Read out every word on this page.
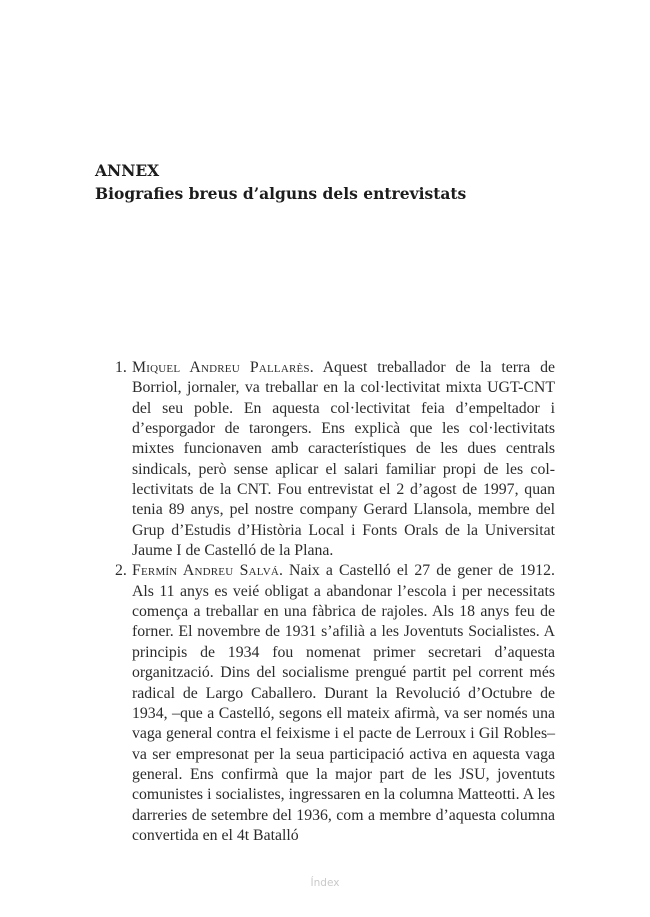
ANNEX
Biografies breus d’alguns dels entrevistats
1. Miquel Andreu Pallarès. Aquest treballador de la terra de Borriol, jornaler, va treballar en la col·lectivitat mixta UGT-CNT del seu poble. En aquesta col·lectivitat feia d’empeltador i d’esporgador de tarongers. Ens explicà que les col·lectivitats mixtes funcionaven amb característiques de les dues centrals sindicals, però sense aplicar el salari familiar propi de les collectivitats de la CNT. Fou entrevistat el 2 d’agost de 1997, quan tenia 89 anys, pel nostre company Gerard Llansola, membre del Grup d’Estudis d’Història Local i Fonts Orals de la Universitat Jaume I de Castelló de la Plana.
2. Fermín Andreu Salvá. Naix a Castelló el 27 de gener de 1912. Als 11 anys es veié obligat a abandonar l’escola i per necessitats comença a treballar en una fàbrica de rajoles. Als 18 anys feu de forner. El novembre de 1931 s’afilià a les Joventuts Socialistes. A principis de 1934 fou nomenat primer secretari d’aquesta organització. Dins del socialisme prengué partit pel corrent més radical de Largo Caballero. Durant la Revolució d’Octubre de 1934, –que a Castelló, segons ell mateix afirmà, va ser només una vaga general contra el feixisme i el pacte de Lerroux i Gil Robles– va ser empresonat per la seua participació activa en aquesta vaga general. Ens confirmà que la major part de les JSU, joventuts comunistes i socialistes, ingressaren en la columna Matteotti. A les darreries de setembre del 1936, com a membre d’aquesta columna convertida en el 4t Batalló
Índex
